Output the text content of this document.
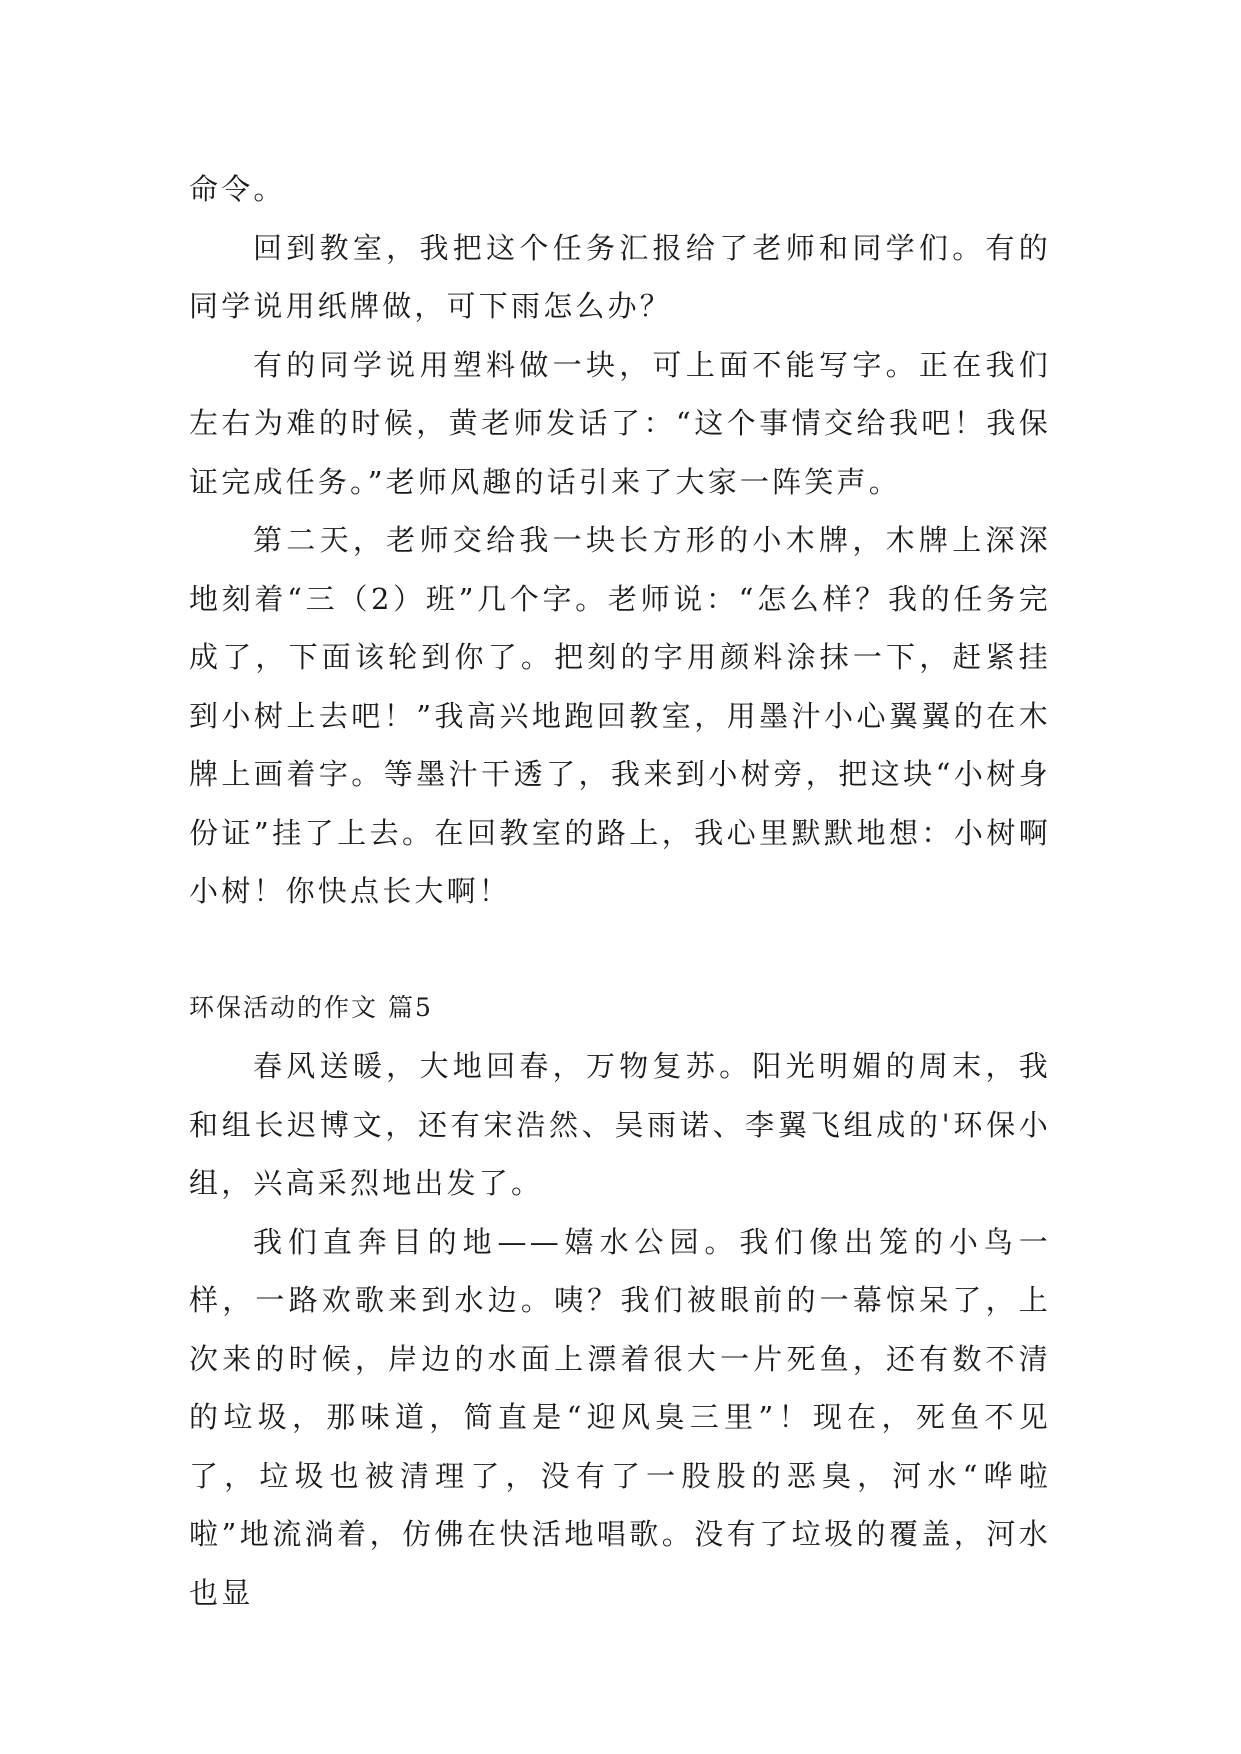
命令。

回到教室，我把这个任务汇报给了老师和同学们。有的同学说用纸牌做，可下雨怎么办？

有的同学说用塑料做一块，可上面不能写字。正在我们左右为难的时候，黄老师发话了：“这个事情交给我吧！我保证完成任务。”老师风趣的话引来了大家一阵笑声。

第二天，老师交给我一块长方形的小木牌，木牌上深深地刻着“三（2）班”几个字。老师说：“怎么样？我的任务完成了，下面该轮到你了。把刻的字用颜料涂抹一下，赶紧挂到小树上去吧！”我高兴地跑回教室，用墨汁小心翼翼的在木牌上画着字。等墨汁干透了，我来到小树旁，把这块“小树身份证”挂了上去。在回教室的路上，我心里默默地想：小树啊小树！你快点长大啊！

环保活动的作文 篇5

春风送暖，大地回春，万物复苏。阳光明媚的周末，我和组长迟博文，还有宋浩然、吴雨诺、李翼飞组成的'环保小组，兴高采烈地出发了。

我们直奔目的地——嬉水公园。我们像出笼的小鸟一样，一路欢歌来到水边。咦？我们被眼前的一幕惊呆了，上次来的时候，岸边的水面上漂着很大一片死鱼，还有数不清的垃圾，那味道，简直是“迎风臭三里”！现在，死鱼不见了，垃圾也被清理了，没有了一股股的恶臭，河水“哗啦啦”地流淌着，仿佛在快活地唱歌。没有了垃圾的覆盖，河水也显
